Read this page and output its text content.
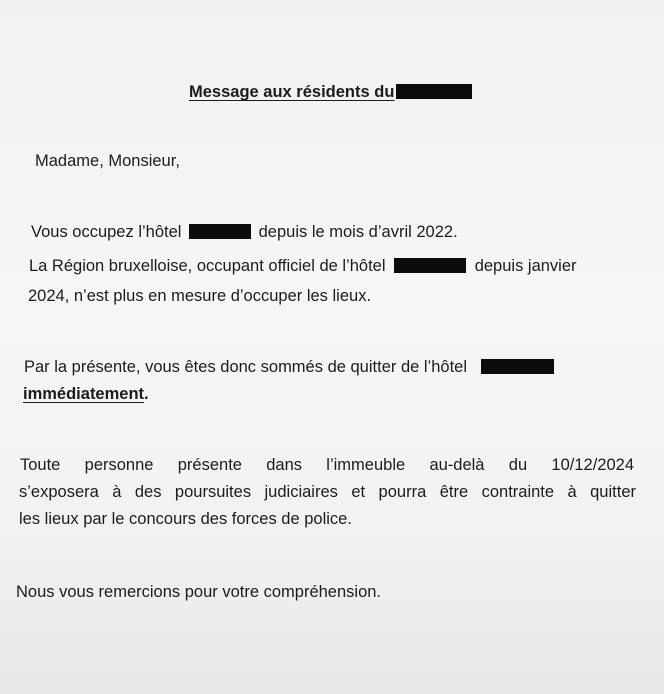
Message aux résidents du
Madame, Monsieur,
Vous occupez l’hôtel	depuis le mois d’avril 2022.
La Région bruxelloise, occupant officiel de l’hôtel	depuis janvier
2024, n’est plus en mesure d’occuper les lieux.
Par la présente, vous êtes donc sommés de quitter de l’hôtel
immédiatement.
Toute personne présente dans l’immeuble au-delà du 10/12/2024
s’exposera à des poursuites judiciaires et pourra être contrainte à quitter
les lieux par le concours des forces de police.
Nous vous remercions pour votre compréhension.
